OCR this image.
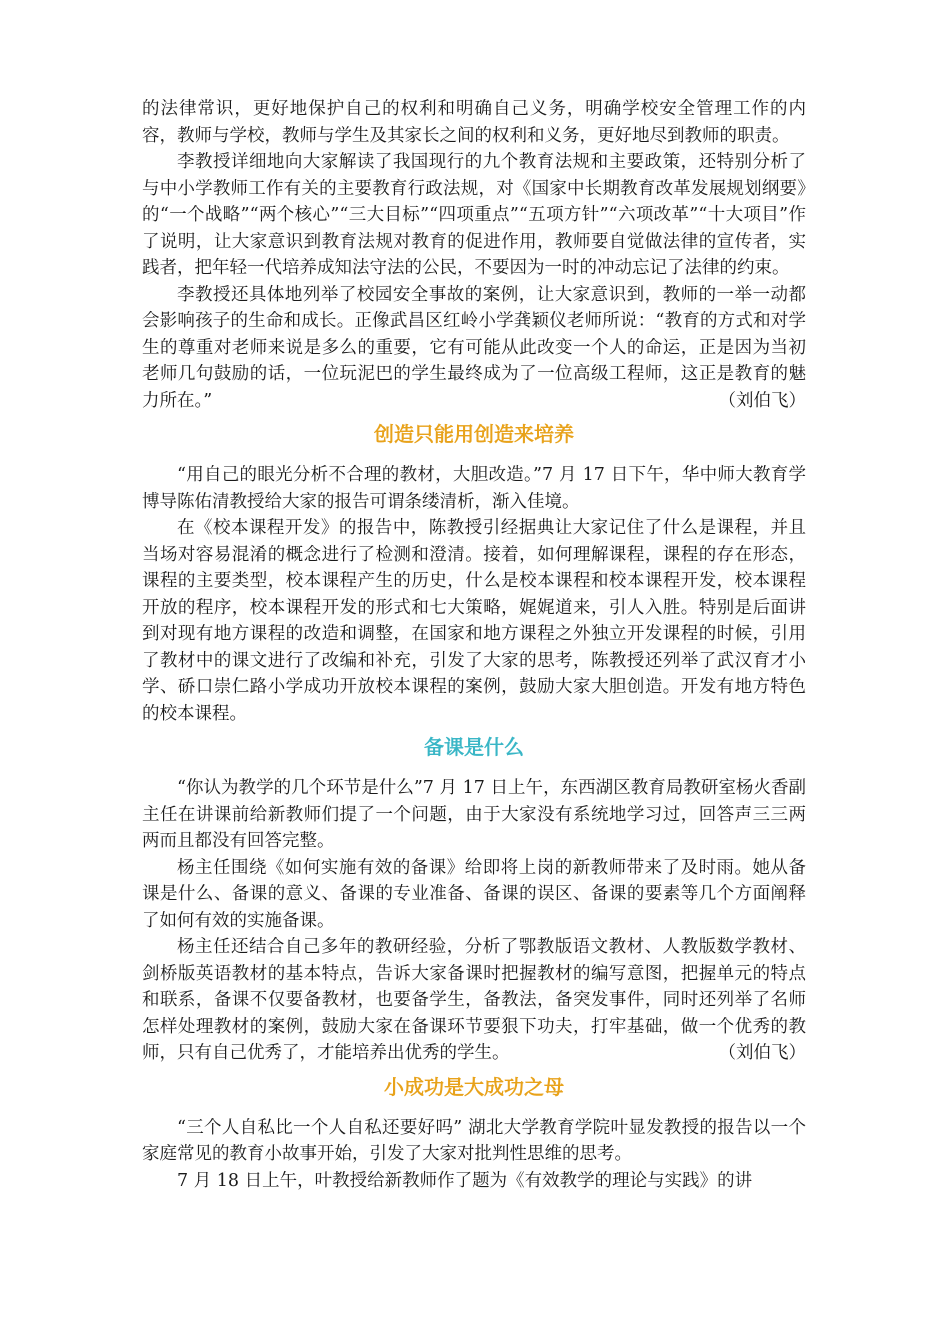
的法律常识，更好地保护自己的权利和明确自己义务，明确学校安全管理工作的内容，教师与学校，教师与学生及其家长之间的权利和义务，更好地尽到教师的职责。

李教授详细地向大家解读了我国现行的九个教育法规和主要政策，还特别分析了与中小学教师工作有关的主要教育行政法规，对《国家中长期教育改革发展规划纲要》的“一个战略”“两个核心”“三大目标”“四项重点”“五项方针”“六项改革”“十大项目”作了说明，让大家意识到教育法规对教育的促进作用，教师要自觉做法律的宣传者，实践者，把年轻一代培养成知法守法的公民，不要因为一时的冲动忘记了法律的约束。

李教授还具体地列举了校园安全事故的案例，让大家意识到，教师的一举一动都会影响孩子的生命和成长。正像武昌区红岭小学龚颖仪老师所说：“教育的方式和对学生的尊重对老师来说是多么的重要，它有可能从此改变一个人的命运，正是因为当初老师几句鼓励的话，一位玩泥巴的学生最终成为了一位高级工程师，这正是教育的魅力所在。”	（刘伯飞）

创造只能用创造来培养

“用自己的眼光分析不合理的教材，大胆改造。”7 月 17 日下午，华中师大教育学博导陈佑清教授给大家的报告可谓条缕清析，渐入佳境。

在《校本课程开发》的报告中，陈教授引经据典让大家记住了什么是课程，并且当场对容易混淆的概念进行了检测和澄清。接着，如何理解课程，课程的存在形态，课程的主要类型，校本课程产生的历史，什么是校本课程和校本课程开发，校本课程开放的程序，校本课程开发的形式和七大策略，娓娓道来，引人入胜。特别是后面讲到对现有地方课程的改造和调整，在国家和地方课程之外独立开发课程的时候，引用了教材中的课文进行了改编和补充，引发了大家的思考，陈教授还列举了武汉育才小学、硚口崇仁路小学成功开放校本课程的案例，鼓励大家大胆创造。开发有地方特色的校本课程。

备课是什么

“你认为教学的几个环节是什么”7 月 17 日上午，东西湖区教育局教研室杨火香副主任在讲课前给新教师们提了一个问题，由于大家没有系统地学习过，回答声三三两两而且都没有回答完整。

杨主任围绕《如何实施有效的备课》给即将上岗的新教师带来了及时雨。她从备课是什么、备课的意义、备课的专业准备、备课的误区、备课的要素等几个方面阐释了如何有效的实施备课。

杨主任还结合自己多年的教研经验，分析了鄂教版语文教材、人教版数学教材、剑桥版英语教材的基本特点，告诉大家备课时把握教材的编写意图，把握单元的特点和联系，备课不仅要备教材，也要备学生，备教法，备突发事件，同时还列举了名师怎样处理教材的案例，鼓励大家在备课环节要狠下功夫，打牢基础，做一个优秀的教师，只有自己优秀了，才能培养出优秀的学生。	（刘伯飞）

小成功是大成功之母

“三个人自私比一个人自私还要好吗” 湖北大学教育学院叶显发教授的报告以一个家庭常见的教育小故事开始，引发了大家对批判性思维的思考。

7 月 18 日上午，叶教授给新教师作了题为《有效教学的理论与实践》的讲
